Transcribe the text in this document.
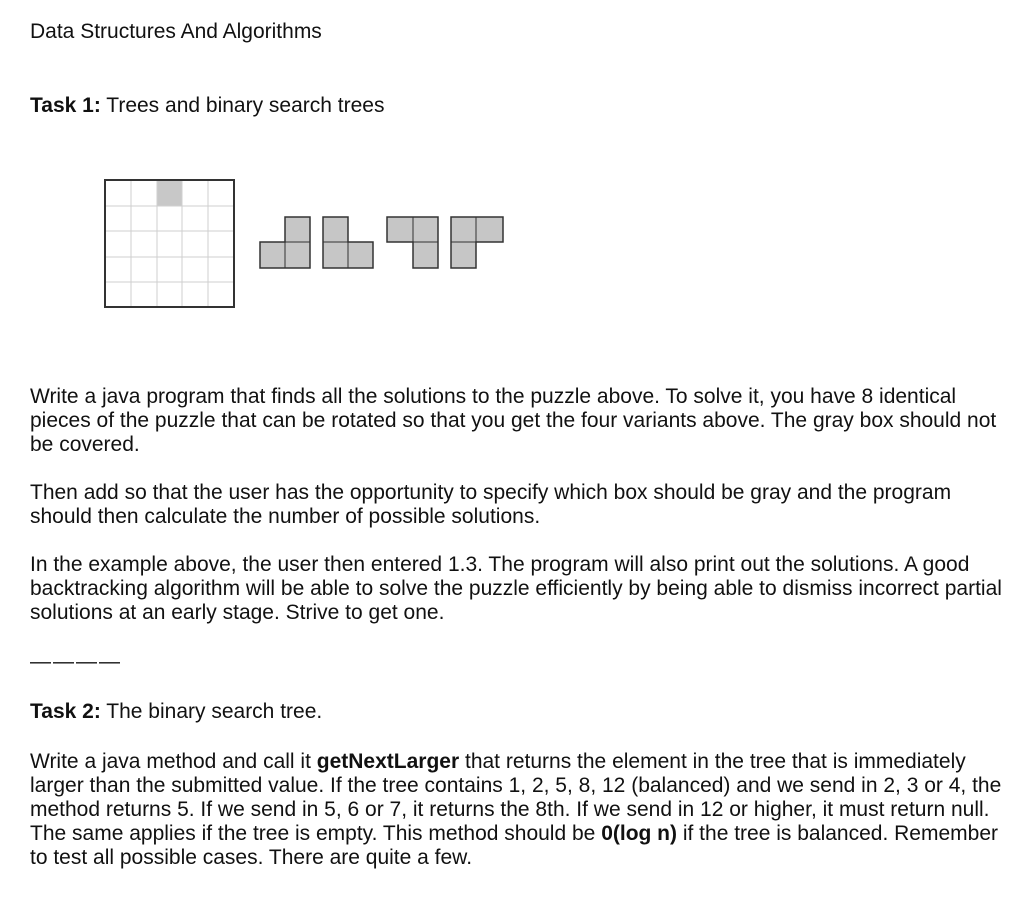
Data Structures And Algorithms
Task 1: Trees and binary search trees
Write a java program that finds all the solutions to the puzzle above. To solve it, you have 8 identical pieces of the puzzle that can be rotated so that you get the four variants above. The gray box should not be covered.
Then add so that the user has the opportunity to specify which box should be gray and the program should then calculate the number of possible solutions.
In the example above, the user then entered 1.3. The program will also print out the solutions. A good backtracking algorithm will be able to solve the puzzle efficiently by being able to dismiss incorrect partial solutions at an early stage. Strive to get one.
————
Task 2: The binary search tree.
Write a java method and call it getNextLarger that returns the element in the tree that is immediately larger than the submitted value. If the tree contains 1, 2, 5, 8, 12 (balanced) and we send in 2, 3 or 4, the method returns 5. If we send in 5, 6 or 7, it returns the 8th. If we send in 12 or higher, it must return null. The same applies if the tree is empty. This method should be 0(log n) if the tree is balanced. Remember to test all possible cases. There are quite a few.
